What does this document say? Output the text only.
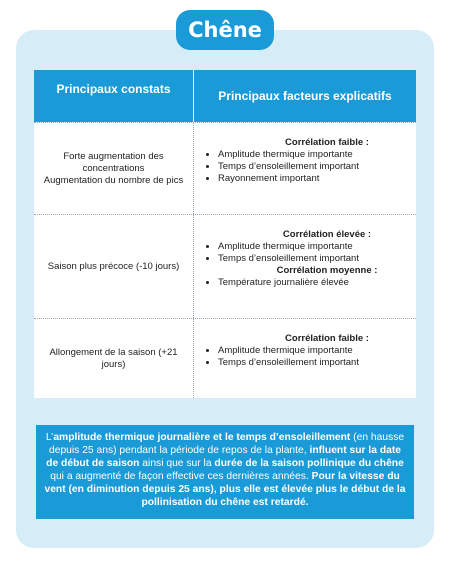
Chêne
Principaux constats	Principaux facteurs explicatifs
Forte augmentation des concentrations
Augmentation du nombre de pics
Corrélation faible :
• Amplitude thermique importante
• Temps d’ensoleillement important
• Rayonnement important
Saison plus précoce (-10 jours)
Corrélation élevée :
• Amplitude thermique importante
• Temps d’ensoleillement important
Corrélation moyenne :
• Température journalière élevée
Allongement de la saison (+21 jours)
Corrélation faible :
• Amplitude thermique importante
• Temps d’ensoleillement important
L’amplitude thermique journalière et le temps d’ensoleillement (en hausse depuis 25 ans) pendant la période de repos de la plante, influent sur la date de début de saison ainsi que sur la durée de la saison pollinique du chêne qui a augmenté de façon effective ces dernières années. Pour la vitesse du vent (en diminution depuis 25 ans), plus elle est élevée plus le début de la pollinisation du chêne est retardé.
